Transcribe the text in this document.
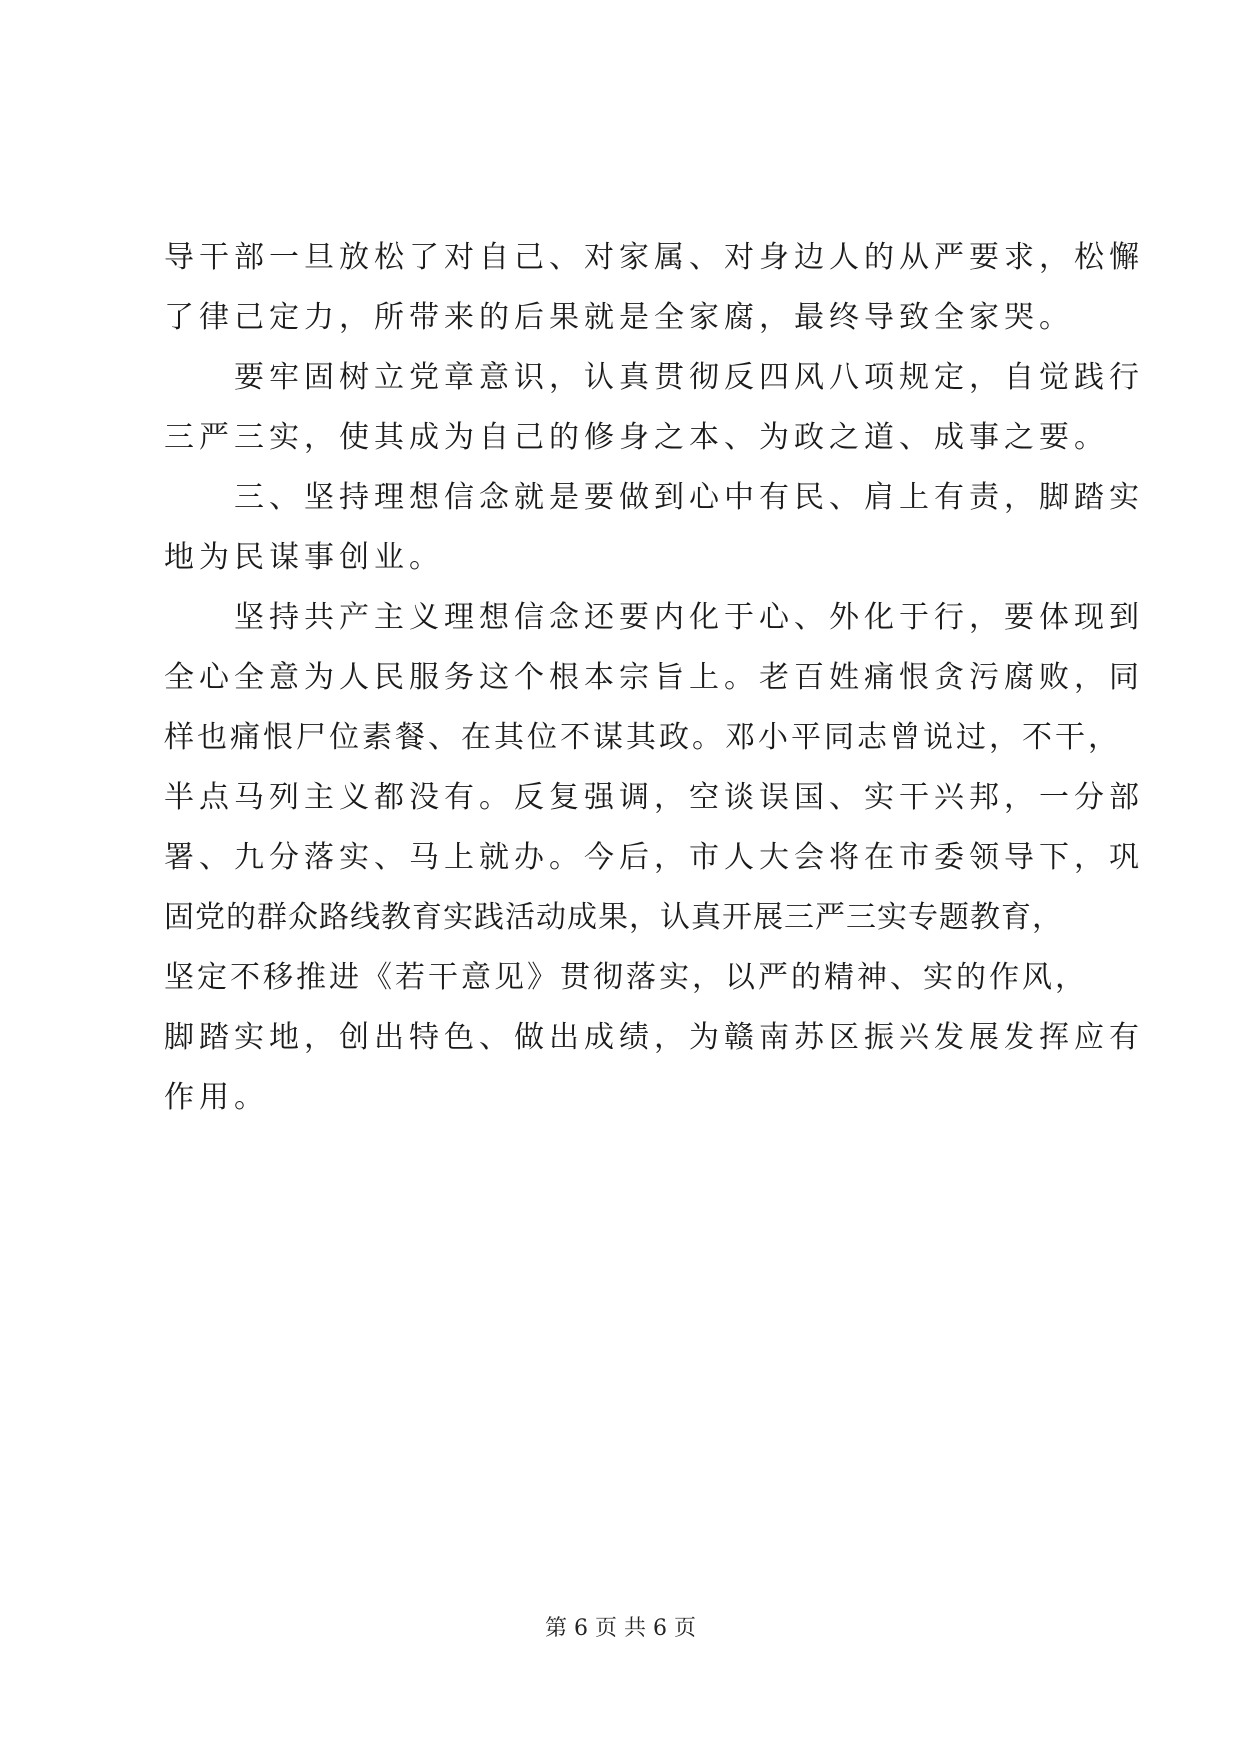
导干部一旦放松了对自己、对家属、对身边人的从严要求，松懈
了律己定力，所带来的后果就是全家腐，最终导致全家哭。
　　要牢固树立党章意识，认真贯彻反四风八项规定，自觉践行
三严三实，使其成为自己的修身之本、为政之道、成事之要。
　　三、坚持理想信念就是要做到心中有民、肩上有责，脚踏实
地为民谋事创业。
　　坚持共产主义理想信念还要内化于心、外化于行，要体现到
全心全意为人民服务这个根本宗旨上。老百姓痛恨贪污腐败，同
样也痛恨尸位素餐、在其位不谋其政。邓小平同志曾说过，不干，
半点马列主义都没有。反复强调，空谈误国、实干兴邦，一分部
署、九分落实、马上就办。今后，市人大会将在市委领导下，巩
固党的群众路线教育实践活动成果，认真开展三严三实专题教育，
坚定不移推进《若干意见》贯彻落实，以严的精神、实的作风，
脚踏实地，创出特色、做出成绩，为赣南苏区振兴发展发挥应有
作用。
第 6 页 共 6 页
